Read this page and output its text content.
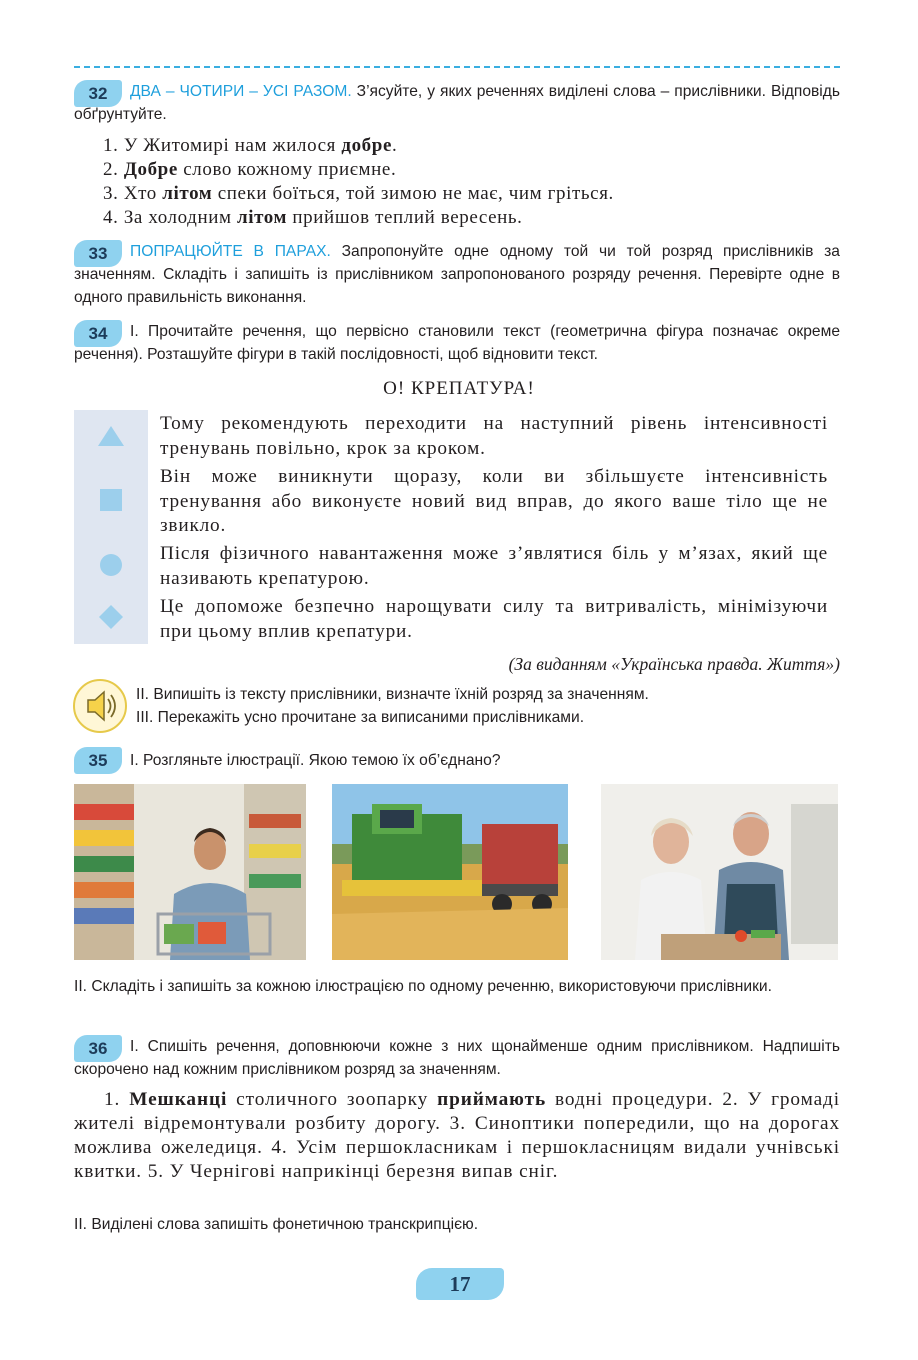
32	ДВА – ЧОТИРИ – УСІ РАЗОМ. З’ясуйте, у яких реченнях виділені слова – прислівники. Відповідь обґрунтуйте.
1. У Житомирі нам жилося добре.
2. Добре слово кожному приємне.
3. Хто літом спеки боїться, той зимою не має, чим гріться.
4. За холодним літом прийшов теплий вересень.
33	ПОПРАЦЮЙТЕ В ПАРАХ. Запропонуйте одне одному той чи той розряд прислівників за значенням. Складіть і запишіть із прислівником запропонованого розряду речення. Перевірте одне в одного правильність виконання.
34	I. Прочитайте речення, що первісно становили текст (геометрична фігура позначає окреме речення). Розташуйте фігури в такій послідовності, щоб відновити текст.
О! КРЕПАТУРА!
Тому рекомендують переходити на наступний рівень інтенсивності тренувань повільно, крок за кроком.
Він може виникнути щоразу, коли ви збільшуєте інтенсивність тренування або виконуєте новий вид вправ, до якого ваше тіло ще не звикло.
Після фізичного навантаження може з’являтися біль у м’язах, який ще називають крепатурою.
Це допоможе безпечно нарощувати силу та витривалість, мінімізуючи при цьому вплив крепатури.
(За виданням «Українська правда. Життя»)
II. Випишіть із тексту прислівники, визначте їхній розряд за значенням.
III. Перекажіть усно прочитане за виписаними прислівниками.
35	I. Розгляньте ілюстрації. Якою темою їх об’єднано?
II. Складіть і запишіть за кожною ілюстрацією по одному реченню, використовуючи прислівники.
36	I. Спишіть речення, доповнюючи кожне з них щонайменше одним прислівником. Надпишіть скорочено над кожним прислівником розряд за значенням.
1. Мешканці столичного зоопарку приймають водні процедури. 2. У громаді жителі відремонтували розбиту дорогу. 3. Синоптики попередили, що на дорогах можлива ожеледиця. 4. Усім першокласникам і першокласницям видали учнівські квитки. 5. У Чернігові наприкінці березня випав сніг.
II. Виділені слова запишіть фонетичною транскрипцією.
17
